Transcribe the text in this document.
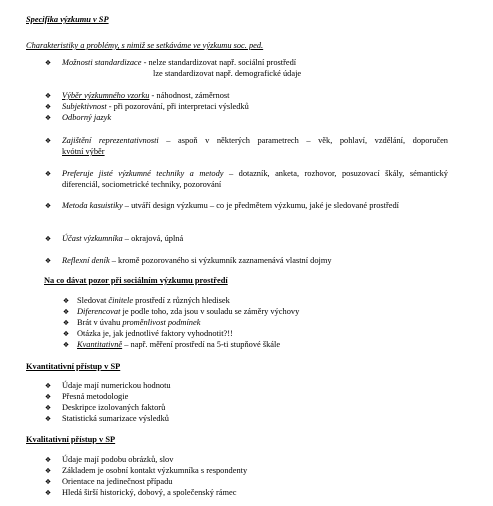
Specifika výzkumu v SP
Charakteristiky a problémy, s nimiž se setkáváme ve výzkumu soc. ped.
❖ Možnosti standardizace - nelze standardizovat např. sociální prostředí
lze standardizovat např. demografické údaje
❖ Výběr výzkumného vzorku - náhodnost, záměrnost
❖ Subjektivnost - při pozorování, při interpretaci výsledků
❖ Odborný jazyk
❖ Zajištění reprezentativnosti – aspoň v některých parametrech – věk, pohlaví, vzdělání, doporučen
kvótní výběr
❖ Preferuje jisté výzkumné techniky a metody – dotazník, anketa, rozhovor, posuzovací škály, sémantický
diferenciál, sociometrické techniky, pozorování
❖ Metoda kasuistiky – utváří design výzkumu – co je předmětem výzkumu, jaké je sledované prostředí
❖ Účast výzkumníka – okrajová, úplná
❖ Reflexní deník – kromě pozorovaného si výzkumník zaznamenává vlastní dojmy
Na co dávat pozor při sociálním výzkumu prostředí
❖ Sledovat činitele prostředí z různých hledisek
❖ Diferencovat je podle toho, zda jsou v souladu se záměry výchovy
❖ Brát v úvahu proměnlivost podmínek
❖ Otázka je, jak jednotlivé faktory vyhodnotit?!!
❖ Kvantitativně – např. měření prostředí na 5-ti stupňové škále
Kvantitativní přístup v SP
❖ Údaje mají numerickou hodnotu
❖ Přesná metodologie
❖ Deskripce izolovaných faktorů
❖ Statistická sumarizace výsledků
Kvalitativní přístup v SP
❖ Údaje mají podobu obrázků, slov
❖ Základem je osobní kontakt výzkumníka s respondenty
❖ Orientace na jedinečnost případu
❖ Hledá širší historický, dobový, a společenský rámec
